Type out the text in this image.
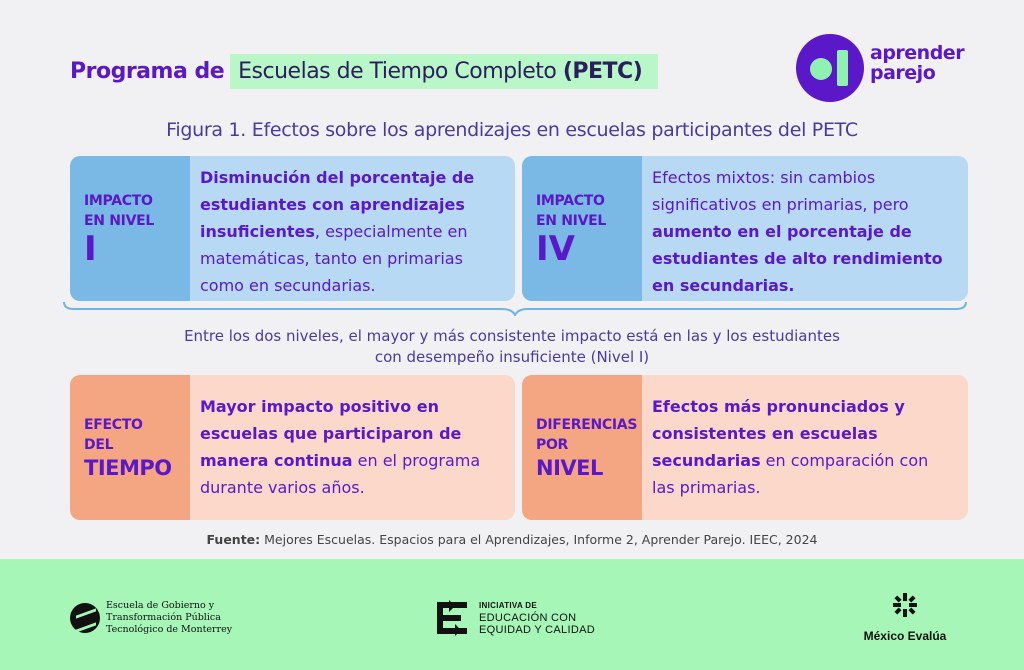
Programa de Escuelas de Tiempo Completo (PETC)
aprender
parejo
Figura 1. Efectos sobre los aprendizajes en escuelas participantes del PETC
IMPACTO
EN NIVEL
I
Disminución del porcentaje de estudiantes con aprendizajes insuficientes, especialmente en matemáticas, tanto en primarias como en secundarias.
IMPACTO
EN NIVEL
IV
Efectos mixtos: sin cambios significativos en primarias, pero aumento en el porcentaje de estudiantes de alto rendimiento en secundarias.
Entre los dos niveles, el mayor y más consistente impacto está en las y los estudiantes
con desempeño insuficiente (Nivel I)
EFECTO
DEL
TIEMPO
Mayor impacto positivo en escuelas que participaron de manera continua en el programa durante varios años.
DIFERENCIAS
POR
NIVEL
Efectos más pronunciados y consistentes en escuelas secundarias en comparación con las primarias.
Fuente: Mejores Escuelas. Espacios para el Aprendizajes, Informe 2, Aprender Parejo. IEEC, 2024
Escuela de Gobierno y
Transformación Pública
Tecnológico de Monterrey
INICIATIVA DE
EDUCACIÓN CON
EQUIDAD Y CALIDAD	México Evalúa
